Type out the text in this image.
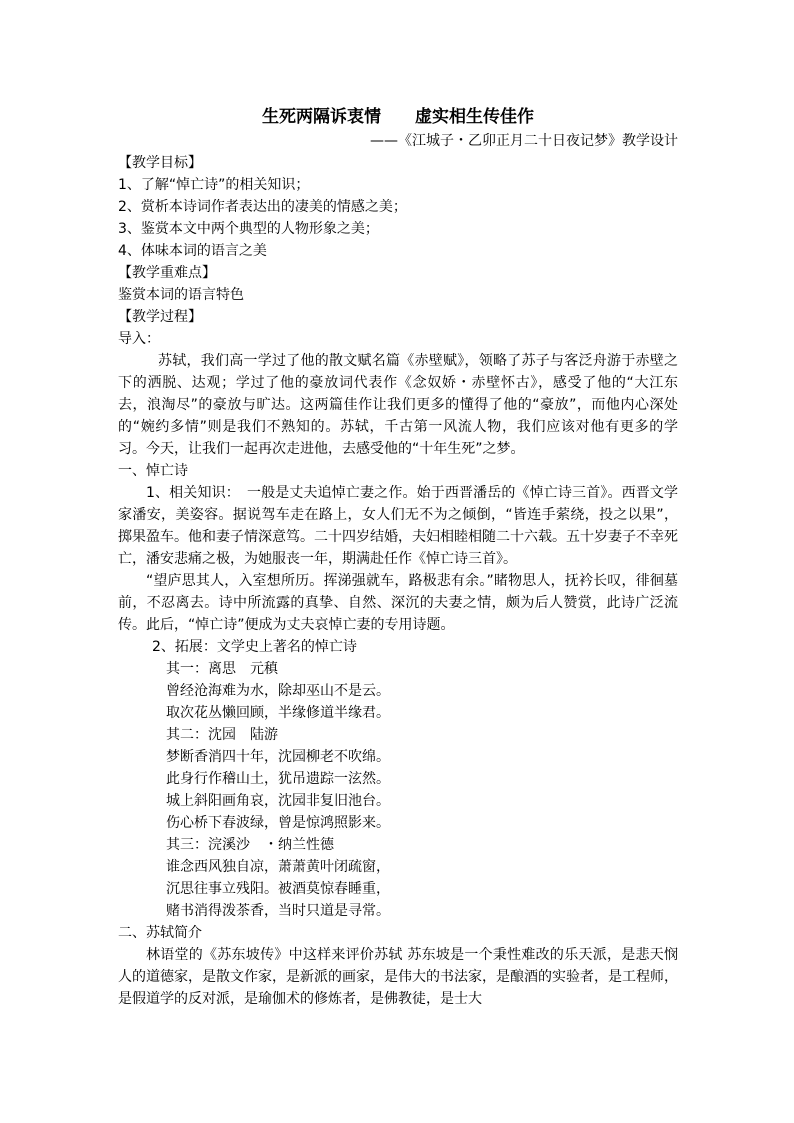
生死两隔诉衷情　　虚实相生传佳作

——《江城子・乙卯正月二十日夜记梦》教学设计

【教学目标】

1、了解“悼亡诗”的相关知识；

2、赏析本诗词作者表达出的凄美的情感之美；

3、鉴赏本文中两个典型的人物形象之美；

4、体味本词的语言之美

【教学重难点】

鉴赏本词的语言特色

【教学过程】

导入：

苏轼，我们高一学过了他的散文赋名篇《赤壁赋》，领略了苏子与客泛舟游于赤壁之下的洒脱、达观；学过了他的豪放词代表作《念奴娇・赤壁怀古》，感受了他的“大江东去，浪淘尽”的豪放与旷达。这两篇佳作让我们更多的懂得了他的“豪放”，而他内心深处的“婉约多情”则是我们不熟知的。苏轼，千古第一风流人物，我们应该对他有更多的学习。今天，让我们一起再次走进他，去感受他的“十年生死”之梦。

一、悼亡诗

1、相关知识：　一般是丈夫追悼亡妻之作。始于西晋潘岳的《悼亡诗三首》。西晋文学家潘安，美姿容。据说驾车走在路上，女人们无不为之倾倒，“皆连手萦绕，投之以果”，掷果盈车。他和妻子情深意笃。二十四岁结婚，夫妇相睦相随二十六载。五十岁妻子不幸死亡，潘安悲痛之极，为她服丧一年，期满赴任作《悼亡诗三首》。

“望庐思其人，入室想所历。挥涕强就车，路极悲有余。”睹物思人，抚衿长叹，徘徊墓前，不忍离去。诗中所流露的真挚、自然、深沉的夫妻之情，颇为后人赞赏，此诗广泛流传。此后，“悼亡诗”便成为丈夫哀悼亡妻的专用诗题。

2、拓展：文学史上著名的悼亡诗

其一：离思　元稹

曾经沧海难为水，除却巫山不是云。

取次花丛懒回顾，半缘修道半缘君。

其二：沈园　陆游

梦断香消四十年，沈园柳老不吹绵。

此身行作稽山土，犹吊遗踪一泫然。

城上斜阳画角哀，沈园非复旧池台。

伤心桥下春波绿，曾是惊鸿照影来。

其三：浣溪沙　・纳兰性德

谁念西风独自凉，萧萧黄叶闭疏窗，

沉思往事立残阳。被酒莫惊春睡重，

赌书消得泼茶香，当时只道是寻常。

二、苏轼简介

林语堂的《苏东坡传》中这样来评价苏轼 苏东坡是一个秉性难改的乐天派，是悲天悯人的道德家，是散文作家，是新派的画家，是伟大的书法家，是酿酒的实验者，是工程师，是假道学的反对派，是瑜伽术的修炼者，是佛教徒，是士大
